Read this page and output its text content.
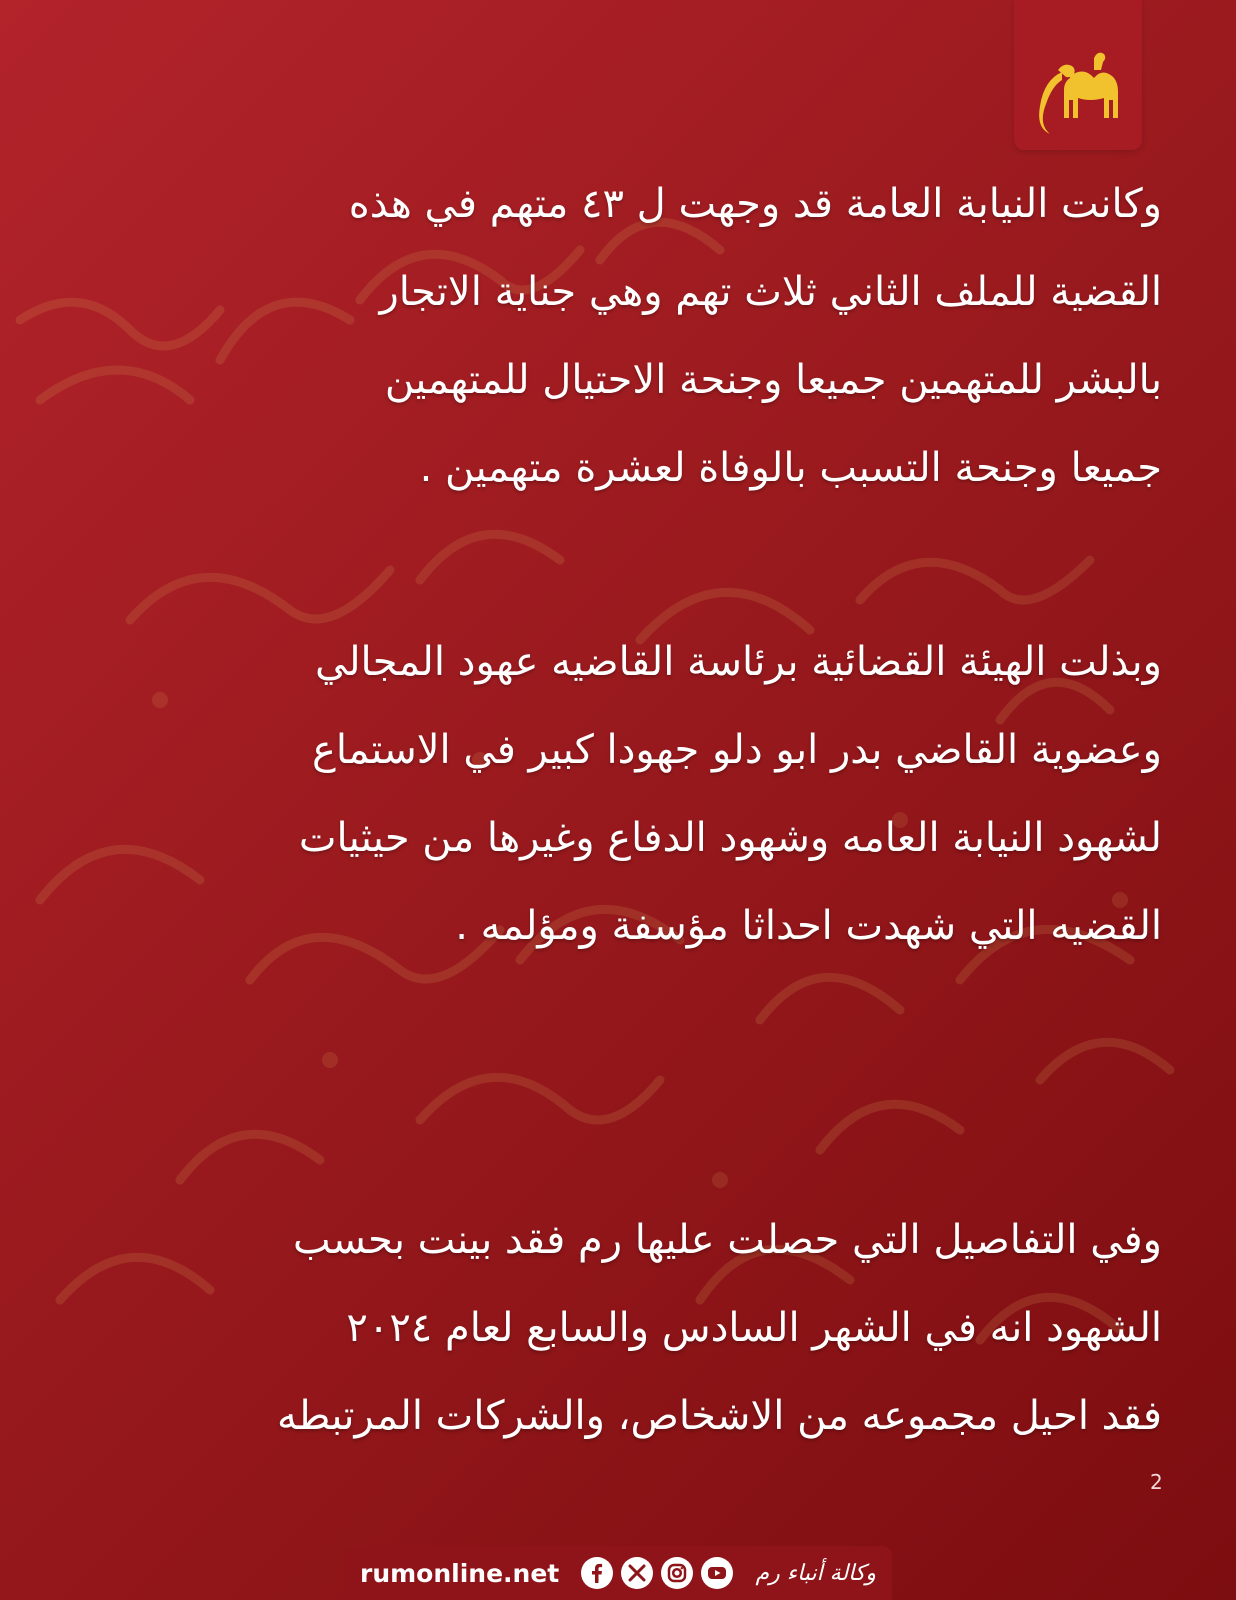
وكانت النيابة العامة قد وجهت ل ٤٣ متهم في هذه
القضية للملف الثاني ثلاث تهم وهي جناية الاتجار
بالبشر للمتهمين جميعا وجنحة الاحتيال للمتهمين
جميعا وجنحة التسبب بالوفاة لعشرة متهمين .
وبذلت الهيئة القضائية برئاسة القاضيه عهود المجالي
وعضوية القاضي بدر ابو دلو جهودا كبير في الاستماع
لشهود النيابة العامه وشهود الدفاع وغيرها من حيثيات
القضيه التي شهدت احداثا مؤسفة ومؤلمه .
وفي التفاصيل التي حصلت عليها رم فقد بينت بحسب
الشهود انه في الشهر السادس والسابع لعام ٢٠٢٤
فقد احيل مجموعه من الاشخاص، والشركات المرتبطه
2
rumonline.net	وكالة أنباء رم
